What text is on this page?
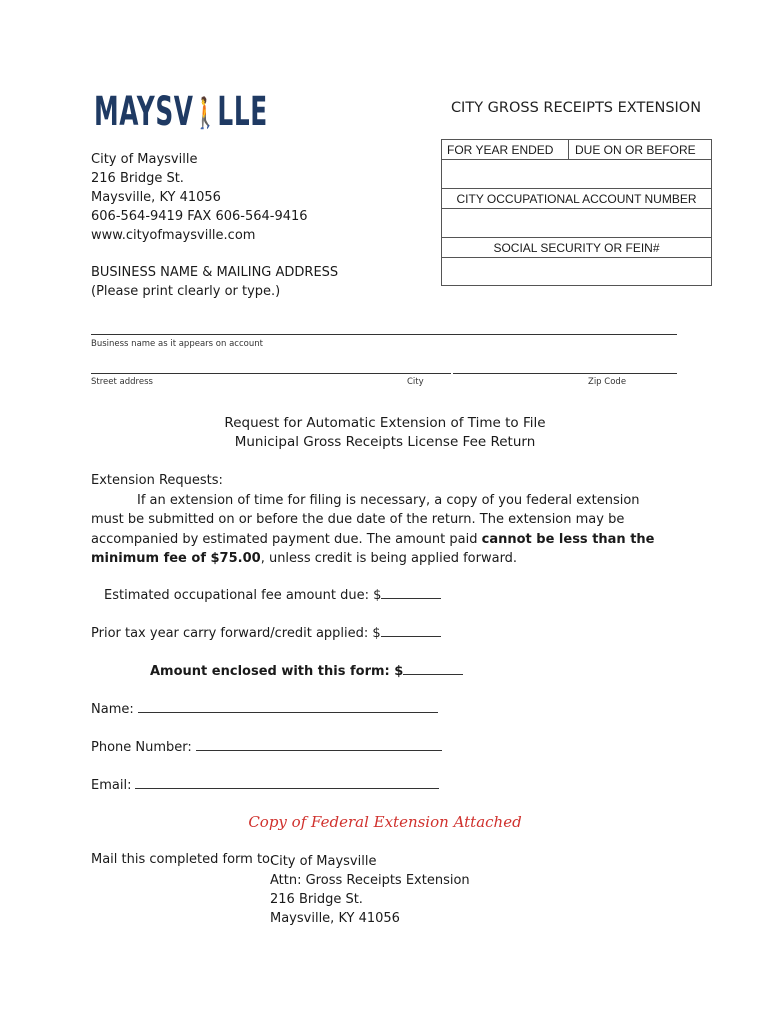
MAYSV🚶LLE	CITY GROSS RECEIPTS EXTENSION
City of Maysville
216 Bridge St.
Maysville, KY 41056
606-564-9419 FAX 606-564-9416
www.cityofmaysville.com
BUSINESS NAME & MAILING ADDRESS
(Please print clearly or type.)
FOR YEAR ENDED	DUE ON OR BEFORE
CITY OCCUPATIONAL ACCOUNT NUMBER
SOCIAL SECURITY OR FEIN#
Business name as it appears on account
Street address	City	Zip Code
Request for Automatic Extension of Time to File
Municipal Gross Receipts License Fee Return
Extension Requests:
If an extension of time for filing is necessary, a copy of you federal extension must be submitted on or before the due date of the return. The extension may be accompanied by estimated payment due. The amount paid cannot be less than the minimum fee of $75.00, unless credit is being applied forward.
Estimated occupational fee amount due: $
Prior tax year carry forward/credit applied: $
Amount enclosed with this form: $
Name:
Phone Number:
Email:
Copy of Federal Extension Attached
Mail this completed form to:
City of Maysville
Attn: Gross Receipts Extension
216 Bridge St.
Maysville, KY 41056
